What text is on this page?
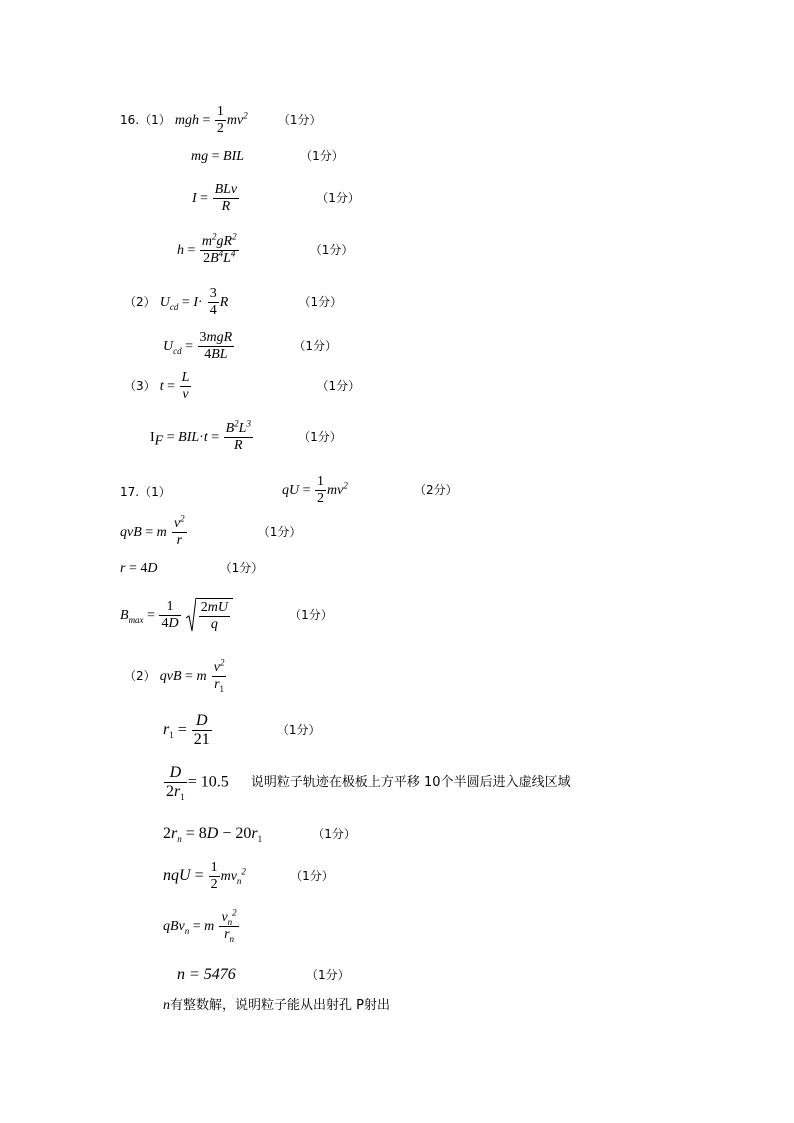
16.（1） mgh = $\frac{1}{2} mv^2$	（1分）
mg = BIL	（1分）
$I = \frac{\text{BLv}}{R}$	（1分）
$h = \frac{m^2gR^2}{2B^4L^4}$	（1分）
（2） $U_{cd} = I\cdot \frac{3}{4}$ R	（1分）
$U_{cd} = \frac{\text{3mgR}}{4BL}$	（1分）
（3） $t = \frac{L}{v}$	（1分）
$I_F = BIL\cdot t = \frac{B^2L^3}{R}$	（1分）
17.（1）	qU = $\frac{1}{2} mv^2$	（2分）
qvB = m $\frac{v^2}{r}$	（1分）
r = 4D	（1分）
$B_{max} = \frac{1}{4D}$
$\frac{2mU}{q}$	（1分）
（2） qvB = m $\frac{v^2}{r_1}$
$r_1 = \frac{D}{21}$	（1分）
$\frac{D}{2r_1} = 10.5$ 说明粒子轨迹在极板上方平移 10个半圆后进入虚线区域
$2r_n = 8D - 20r_1$	（1分）
nqU = $\frac{1}{2} mv_n^2$	（1分）
qBv$_n$ = m $\frac{v_n^2}{r_n}$
n = 5476	（1分）
n有整数解，说明粒子能从出射孔 P射出
